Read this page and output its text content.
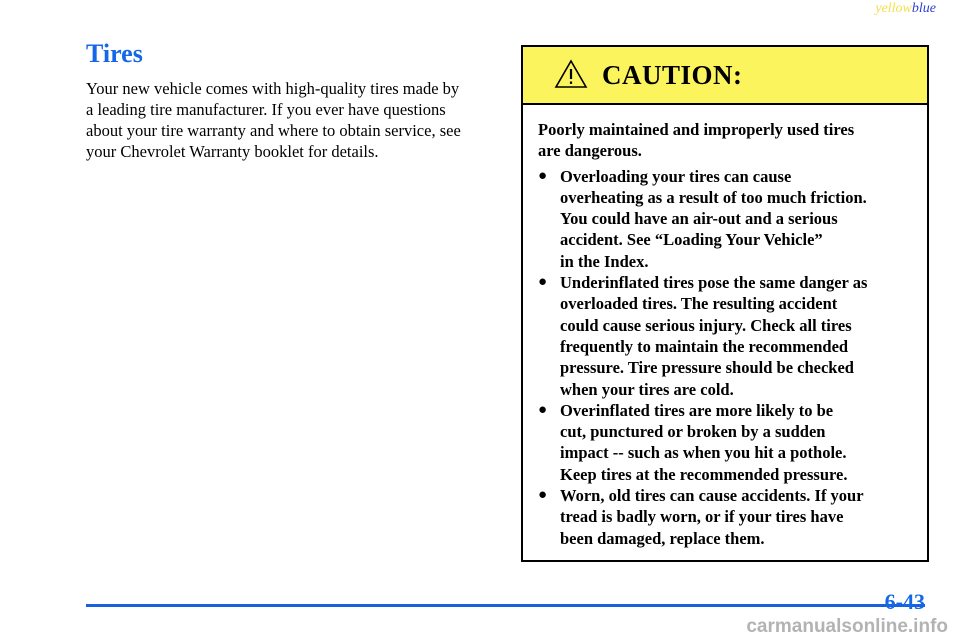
yellowblue
Tires

Your new vehicle comes with high-quality tires made by
a leading tire manufacturer. If you ever have questions
about your tire warranty and where to obtain service, see
your Chevrolet Warranty booklet for details.

CAUTION:

Poorly maintained and improperly used tires
are dangerous.

● Overloading your tires can cause
overheating as a result of too much friction.
You could have an air-out and a serious
accident. See “Loading Your Vehicle”
in the Index.
● Underinflated tires pose the same danger as
overloaded tires. The resulting accident
could cause serious injury. Check all tires
frequently to maintain the recommended
pressure. Tire pressure should be checked
when your tires are cold.
● Overinflated tires are more likely to be
cut, punctured or broken by a sudden
impact -- such as when you hit a pothole.
Keep tires at the recommended pressure.
● Worn, old tires can cause accidents. If your
tread is badly worn, or if your tires have
been damaged, replace them.
6-43
carmanualsonline.info
